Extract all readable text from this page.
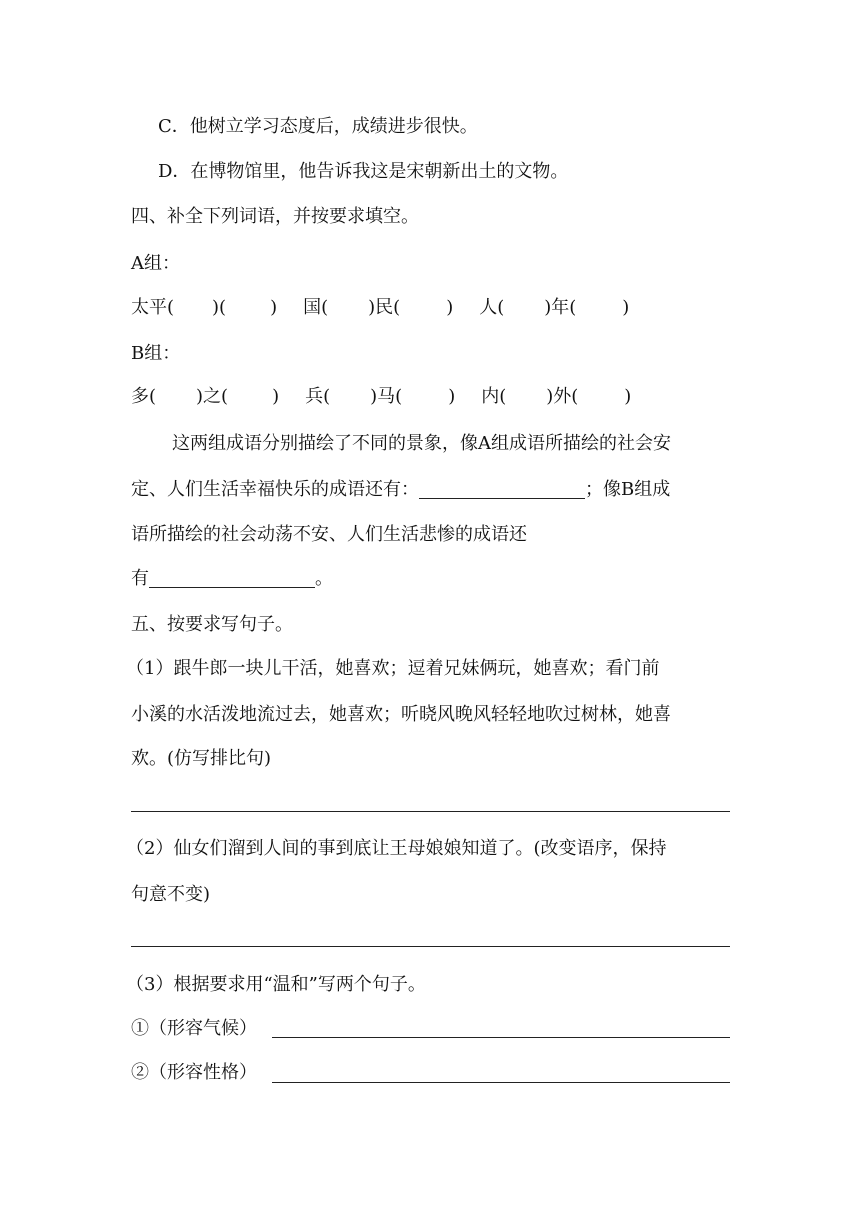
C．他树立学习态度后，成绩进步很快。
D．在博物馆里，他告诉我这是宋朝新出土的文物。
四、补全下列词语，并按要求填空。
A组：
太平( )( ) 国( )民(	) 人( )年(	)
B组：
多( )之( ) 兵( )马(	) 内( )外(	)
这两组成语分别描绘了不同的景象，像A组成语所描绘的社会安
定、人们生活幸福快乐的成语还有：	；像B组成
语所描绘的社会动荡不安、人们生活悲惨的成语还
有	。
五、按要求写句子。
（1）跟牛郎一块儿干活，她喜欢；逗着兄妹俩玩，她喜欢；看门前
小溪的水活泼地流过去，她喜欢；听晓风晚风轻轻地吹过树林，她喜
欢。(仿写排比句)
（2）仙女们溜到人间的事到底让王母娘娘知道了。(改变语序，保持
句意不变)
（3）根据要求用“温和”写两个句子。
①（形容气候）
②（形容性格）
